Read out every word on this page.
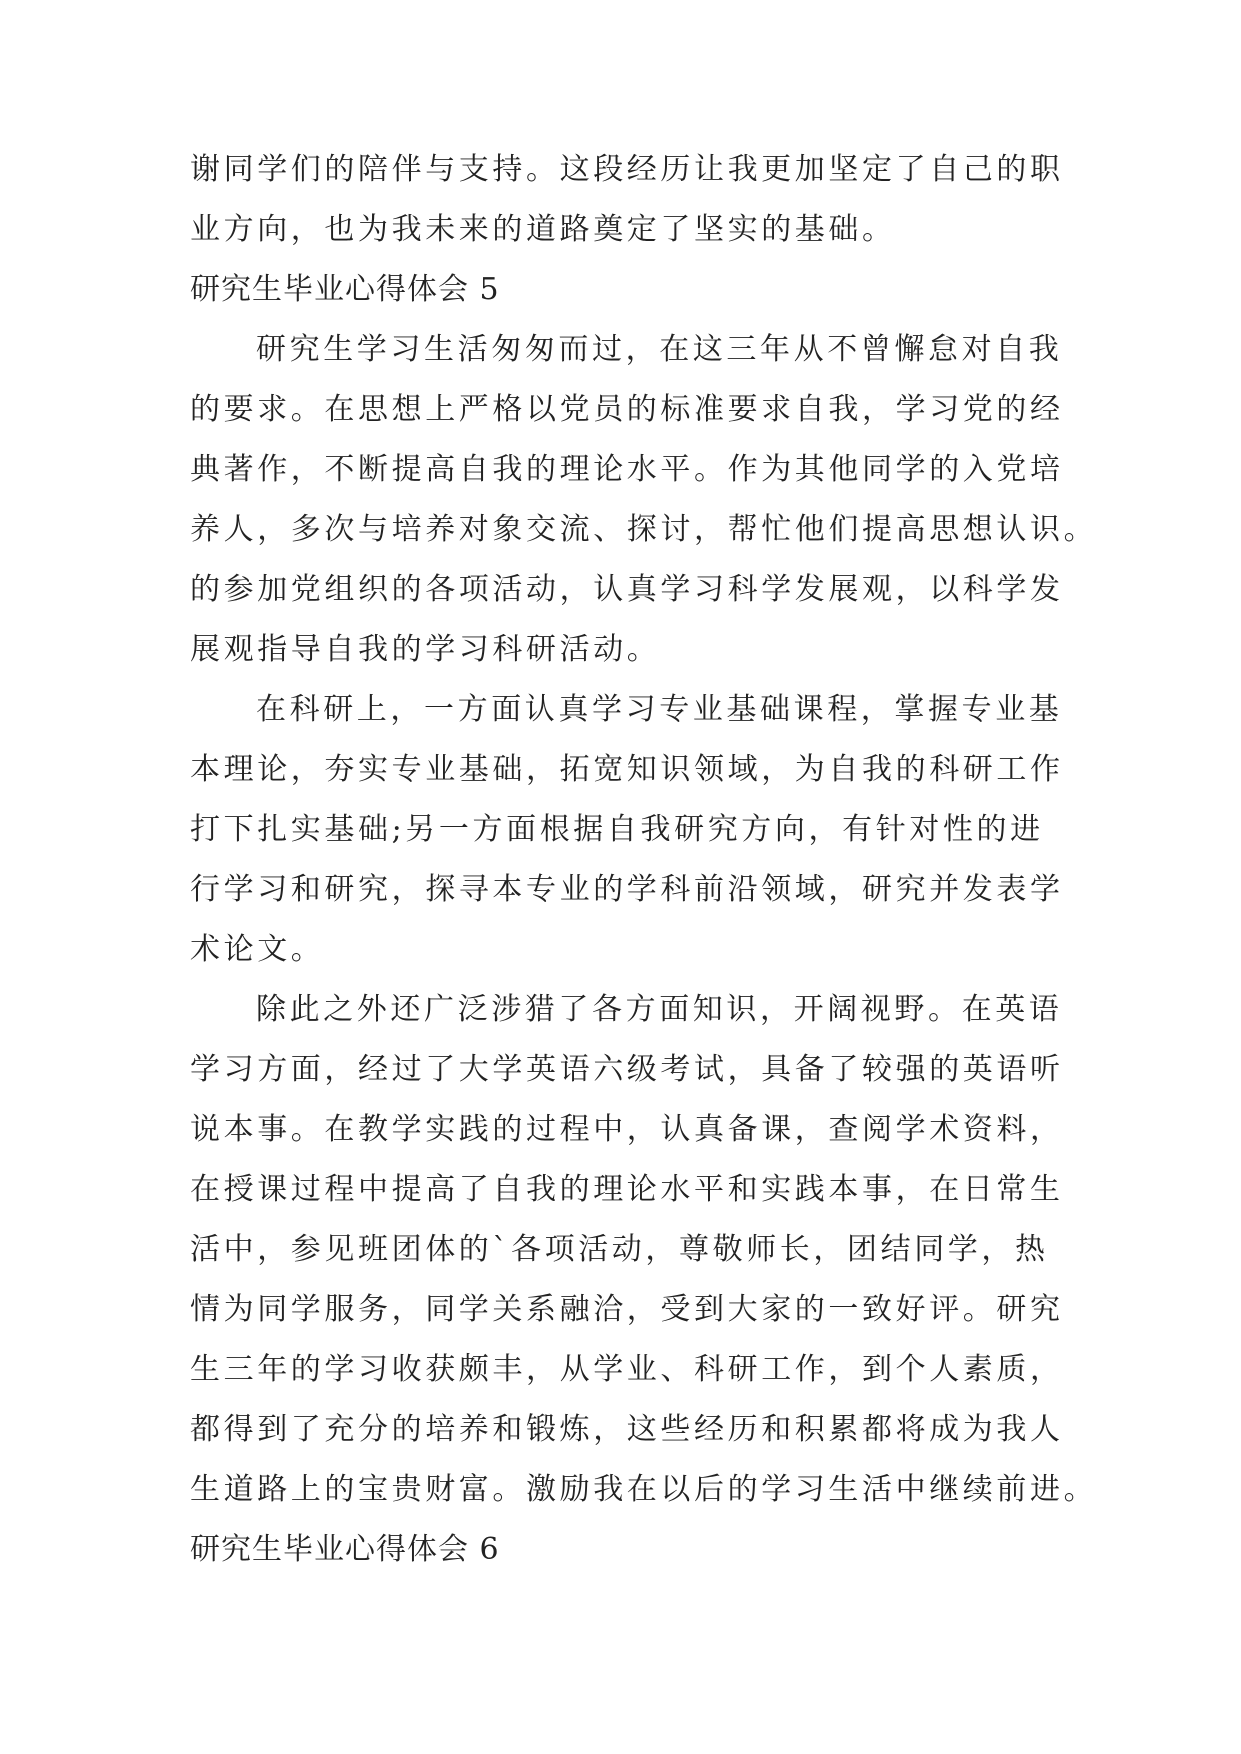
谢同学们的陪伴与支持。这段经历让我更加坚定了自己的职
业方向，也为我未来的道路奠定了坚实的基础。
研究生毕业心得体会 5
研究生学习生活匆匆而过，在这三年从不曾懈怠对自我
的要求。在思想上严格以党员的标准要求自我，学习党的经
典著作，不断提高自我的理论水平。作为其他同学的入党培
养人，多次与培养对象交流、探讨，帮忙他们提高思想认识。
的参加党组织的各项活动，认真学习科学发展观，以科学发
展观指导自我的学习科研活动。
在科研上，一方面认真学习专业基础课程，掌握专业基
本理论，夯实专业基础，拓宽知识领域，为自我的科研工作
打下扎实基础;另一方面根据自我研究方向，有针对性的进
行学习和研究，探寻本专业的学科前沿领域，研究并发表学
术论文。
除此之外还广泛涉猎了各方面知识，开阔视野。在英语
学习方面，经过了大学英语六级考试，具备了较强的英语听
说本事。在教学实践的过程中，认真备课，查阅学术资料，
在授课过程中提高了自我的理论水平和实践本事，在日常生
活中，参见班团体的`各项活动，尊敬师长，团结同学，热
情为同学服务，同学关系融洽，受到大家的一致好评。研究
生三年的学习收获颇丰，从学业、科研工作，到个人素质，
都得到了充分的培养和锻炼，这些经历和积累都将成为我人
生道路上的宝贵财富。激励我在以后的学习生活中继续前进。
研究生毕业心得体会 6
